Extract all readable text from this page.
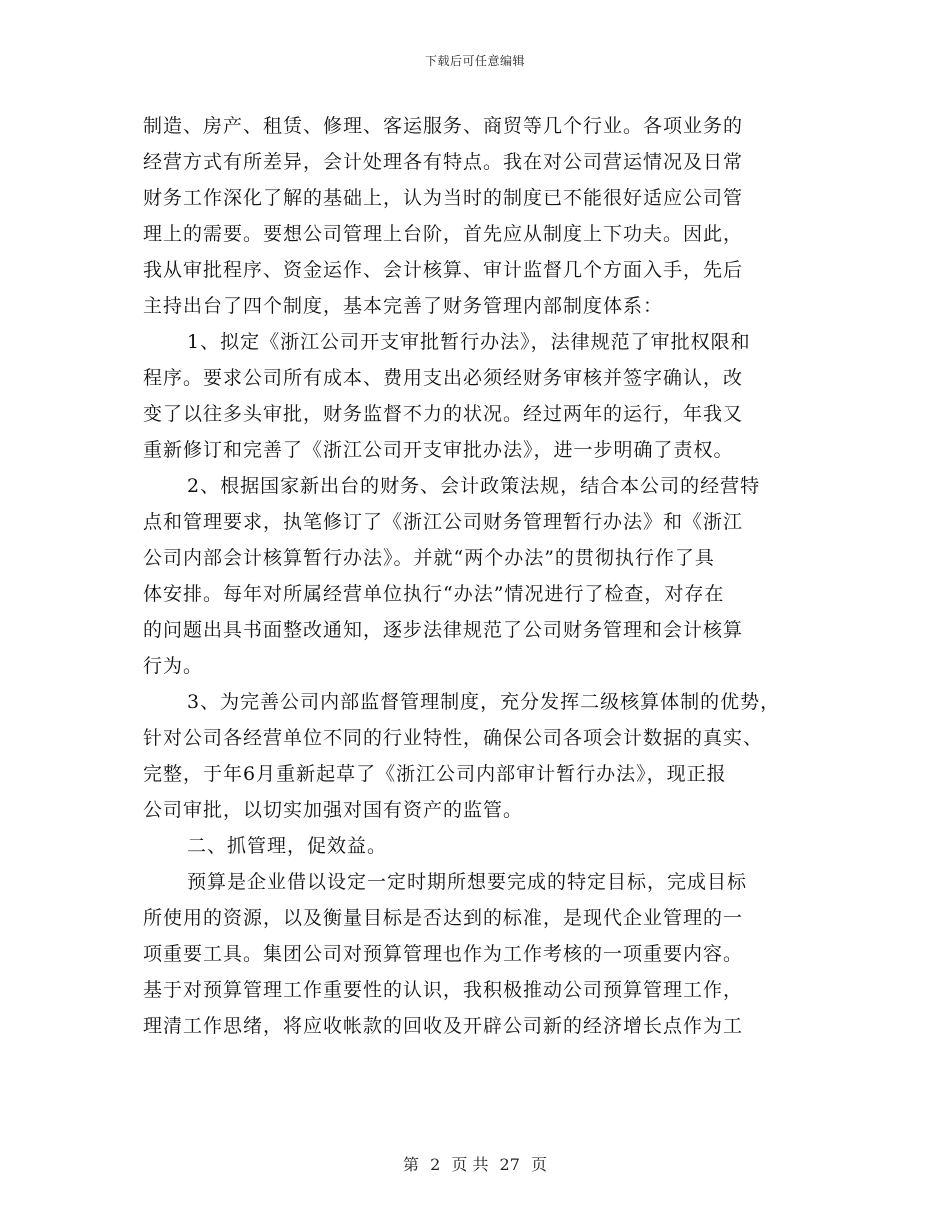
下载后可任意编辑
制造、房产、租赁、修理、客运服务、商贸等几个行业。各项业务的
经营方式有所差异，会计处理各有特点。我在对公司营运情况及日常
财务工作深化了解的基础上，认为当时的制度已不能很好适应公司管
理上的需要。要想公司管理上台阶，首先应从制度上下功夫。因此，
我从审批程序、资金运作、会计核算、审计监督几个方面入手，先后
主持出台了四个制度，基本完善了财务管理内部制度体系：
1、拟定《浙江公司开支审批暂行办法》，法律规范了审批权限和
程序。要求公司所有成本、费用支出必须经财务审核并签字确认，改
变了以往多头审批，财务监督不力的状况。经过两年的运行，年我又
重新修订和完善了《浙江公司开支审批办法》，进一步明确了责权。
2、根据国家新出台的财务、会计政策法规，结合本公司的经营特
点和管理要求，执笔修订了《浙江公司财务管理暂行办法》和《浙江
公司内部会计核算暂行办法》。并就“两个办法”的贯彻执行作了具
体安排。每年对所属经营单位执行“办法”情况进行了检查，对存在
的问题出具书面整改通知，逐步法律规范了公司财务管理和会计核算
行为。
3、为完善公司内部监督管理制度，充分发挥二级核算体制的优势，
针对公司各经营单位不同的行业特性，确保公司各项会计数据的真实、
完整，于年6月重新起草了《浙江公司内部审计暂行办法》，现正报
公司审批，以切实加强对国有资产的监管。
二、抓管理，促效益。
预算是企业借以设定一定时期所想要完成的特定目标，完成目标
所使用的资源，以及衡量目标是否达到的标准，是现代企业管理的一
项重要工具。集团公司对预算管理也作为工作考核的一项重要内容。
基于对预算管理工作重要性的认识，我积极推动公司预算管理工作，
理清工作思绪，将应收帐款的回收及开辟公司新的经济增长点作为工
第 2 页 共 27 页
